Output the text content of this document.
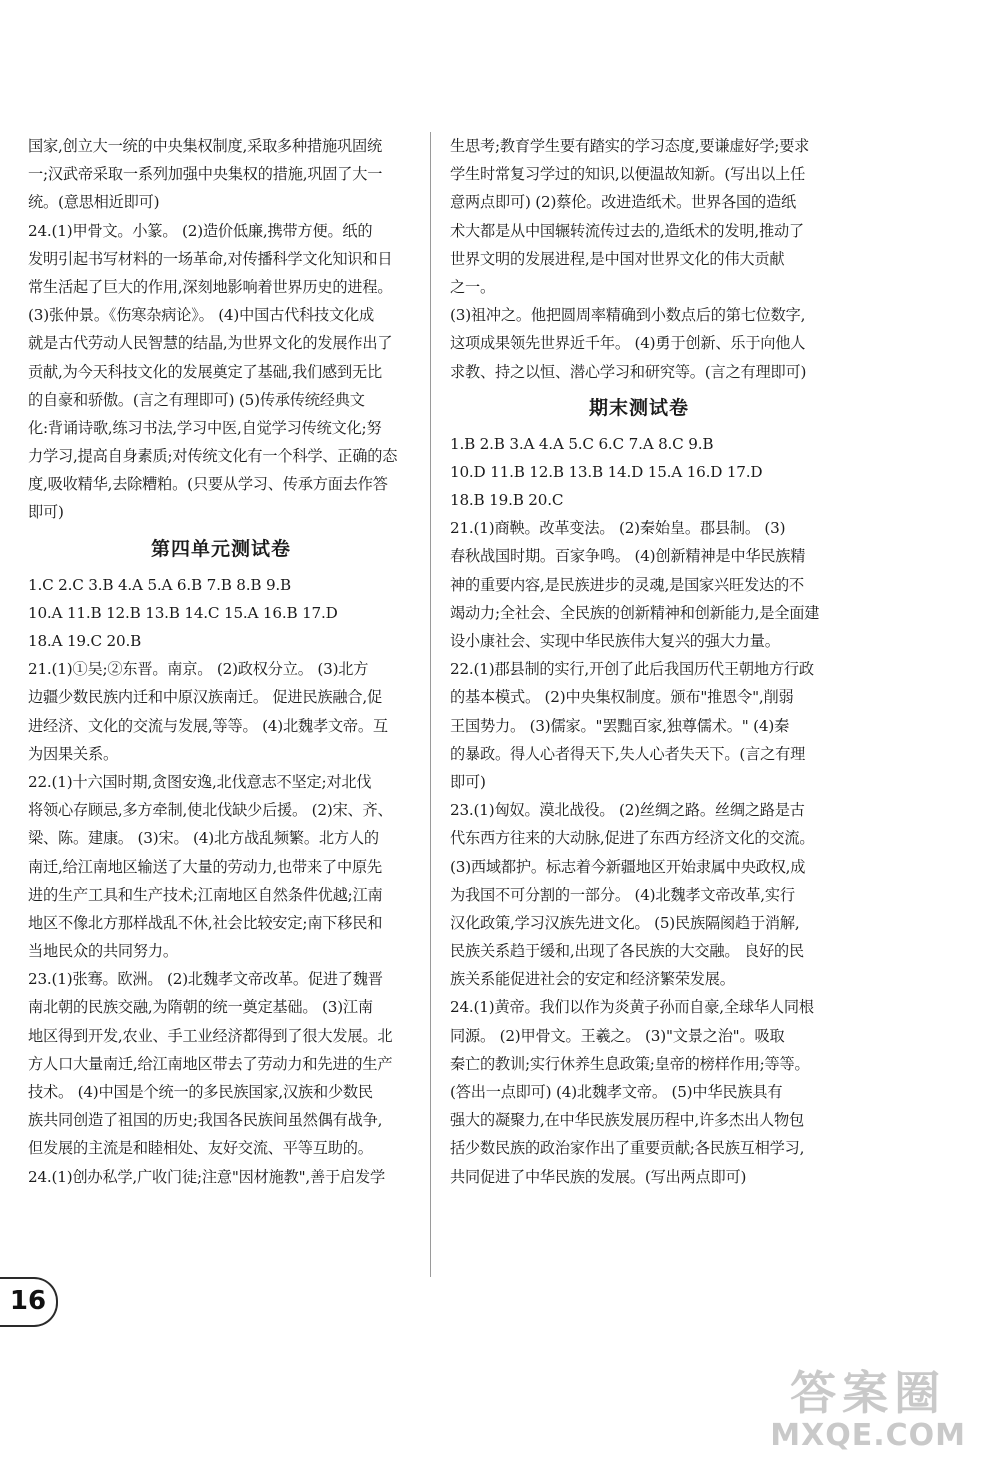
国家,创立大一统的中央集权制度,采取多种措施巩固统
一;汉武帝采取一系列加强中央集权的措施,巩固了大一
统。(意思相近即可)
24.(1)甲骨文。小篆。 (2)造价低廉,携带方便。纸的
发明引起书写材料的一场革命,对传播科学文化知识和日
常生活起了巨大的作用,深刻地影响着世界历史的进程。
(3)张仲景。《伤寒杂病论》。 (4)中国古代科技文化成
就是古代劳动人民智慧的结晶,为世界文化的发展作出了
贡献,为今天科技文化的发展奠定了基础,我们感到无比
的自豪和骄傲。(言之有理即可) (5)传承传统经典文
化:背诵诗歌,练习书法,学习中医,自觉学习传统文化;努
力学习,提高自身素质;对传统文化有一个科学、正确的态
度,吸收精华,去除糟粕。(只要从学习、传承方面去作答
即可)
第四单元测试卷
1.C 2.C 3.B 4.A 5.A 6.B 7.B 8.B 9.B
10.A 11.B 12.B 13.B 14.C 15.A 16.B 17.D
18.A 19.C 20.B
21.(1)①吴;②东晋。南京。 (2)政权分立。 (3)北方
边疆少数民族内迁和中原汉族南迁。 促进民族融合,促
进经济、文化的交流与发展,等等。 (4)北魏孝文帝。互
为因果关系。
22.(1)十六国时期,贪图安逸,北伐意志不坚定;对北伐
将领心存顾忌,多方牵制,使北伐缺少后援。 (2)宋、齐、
梁、陈。建康。 (3)宋。 (4)北方战乱频繁。北方人的
南迁,给江南地区输送了大量的劳动力,也带来了中原先
进的生产工具和生产技术;江南地区自然条件优越;江南
地区不像北方那样战乱不休,社会比较安定;南下移民和
当地民众的共同努力。
23.(1)张骞。欧洲。 (2)北魏孝文帝改革。促进了魏晋
南北朝的民族交融,为隋朝的统一奠定基础。 (3)江南
地区得到开发,农业、手工业经济都得到了很大发展。北
方人口大量南迁,给江南地区带去了劳动力和先进的生产
技术。 (4)中国是个统一的多民族国家,汉族和少数民
族共同创造了祖国的历史;我国各民族间虽然偶有战争,
但发展的主流是和睦相处、友好交流、平等互助的。
24.(1)创办私学,广收门徒;注意"因材施教",善于启发学
生思考;教育学生要有踏实的学习态度,要谦虚好学;要求
学生时常复习学过的知识,以便温故知新。(写出以上任
意两点即可) (2)蔡伦。改进造纸术。世界各国的造纸
术大都是从中国辗转流传过去的,造纸术的发明,推动了
世界文明的发展进程,是中国对世界文化的伟大贡献
之一。
(3)祖冲之。他把圆周率精确到小数点后的第七位数字,
这项成果领先世界近千年。 (4)勇于创新、乐于向他人
求教、持之以恒、潜心学习和研究等。(言之有理即可)
期末测试卷
1.B 2.B 3.A 4.A 5.C 6.C 7.A 8.C 9.B
10.D 11.B 12.B 13.B 14.D 15.A 16.D 17.D
18.B 19.B 20.C
21.(1)商鞅。改革变法。 (2)秦始皇。郡县制。 (3)
春秋战国时期。百家争鸣。 (4)创新精神是中华民族精
神的重要内容,是民族进步的灵魂,是国家兴旺发达的不
竭动力;全社会、全民族的创新精神和创新能力,是全面建
设小康社会、实现中华民族伟大复兴的强大力量。
22.(1)郡县制的实行,开创了此后我国历代王朝地方行政
的基本模式。 (2)中央集权制度。颁布"推恩令",削弱
王国势力。 (3)儒家。"罢黜百家,独尊儒术。" (4)秦
的暴政。得人心者得天下,失人心者失天下。(言之有理
即可)
23.(1)匈奴。漠北战役。 (2)丝绸之路。丝绸之路是古
代东西方往来的大动脉,促进了东西方经济文化的交流。
(3)西域都护。标志着今新疆地区开始隶属中央政权,成
为我国不可分割的一部分。 (4)北魏孝文帝改革,实行
汉化政策,学习汉族先进文化。 (5)民族隔阂趋于消解,
民族关系趋于缓和,出现了各民族的大交融。 良好的民
族关系能促进社会的安定和经济繁荣发展。
24.(1)黄帝。我们以作为炎黄子孙而自豪,全球华人同根
同源。 (2)甲骨文。王羲之。 (3)"文景之治"。吸取
秦亡的教训;实行休养生息政策;皇帝的榜样作用;等等。
(答出一点即可) (4)北魏孝文帝。 (5)中华民族具有
强大的凝聚力,在中华民族发展历程中,许多杰出人物包
括少数民族的政治家作出了重要贡献;各民族互相学习,
共同促进了中华民族的发展。(写出两点即可)
16
答案圈
MXQE.COM
